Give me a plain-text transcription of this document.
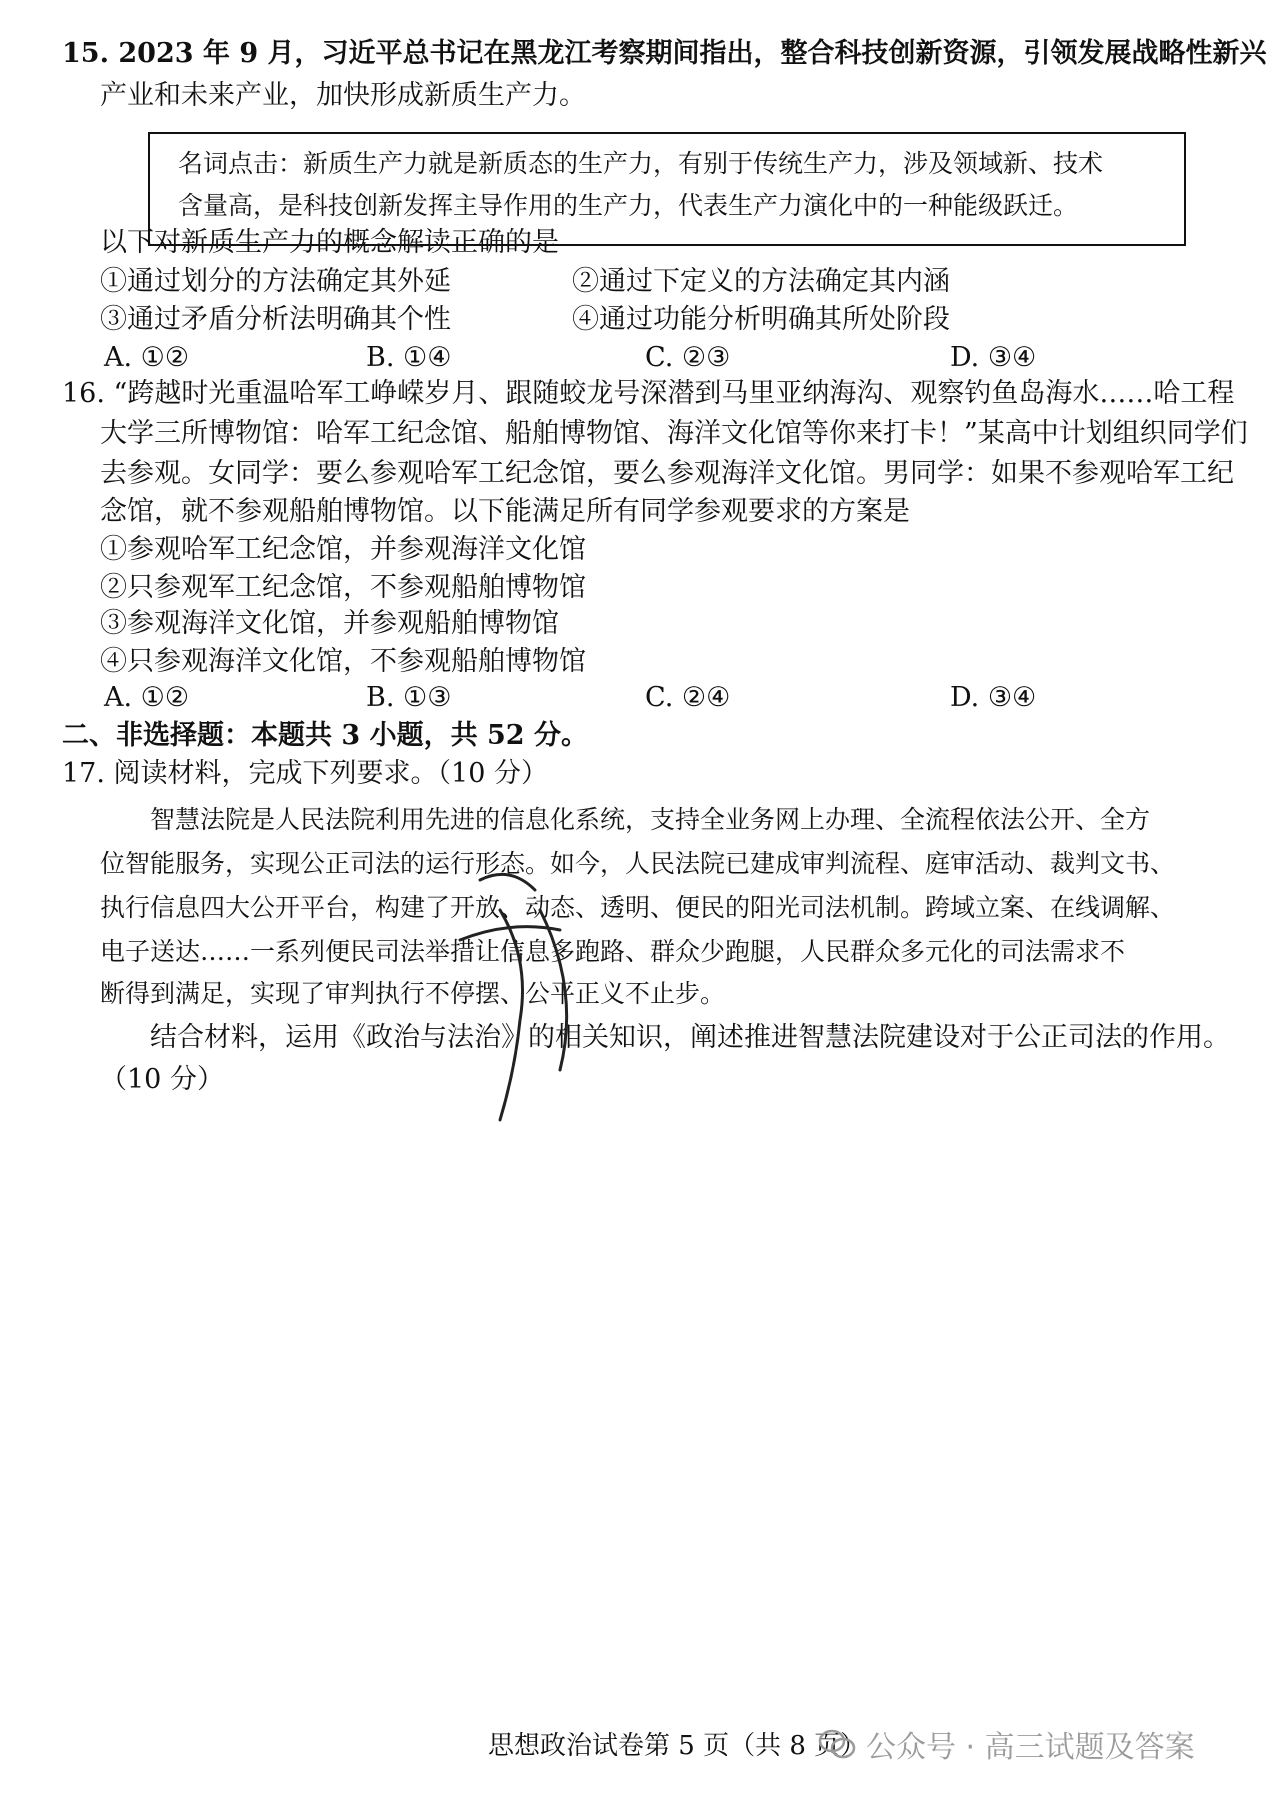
15. 2023 年 9 月，习近平总书记在黑龙江考察期间指出，整合科技创新资源，引领发展战略性新兴
产业和未来产业，加快形成新质生产力。
名词点击：新质生产力就是新质态的生产力，有别于传统生产力，涉及领域新、技术
含量高，是科技创新发挥主导作用的生产力，代表生产力演化中的一种能级跃迁。
以下对新质生产力的概念解读正确的是
①通过划分的方法确定其外延	②通过下定义的方法确定其内涵
③通过矛盾分析法明确其个性	④通过功能分析明确其所处阶段
A. ①②	B. ①④	C. ②③	D. ③④
16. “跨越时光重温哈军工峥嵘岁月、跟随蛟龙号深潜到马里亚纳海沟、观察钓鱼岛海水……哈工程
大学三所博物馆：哈军工纪念馆、船舶博物馆、海洋文化馆等你来打卡！”某高中计划组织同学们
去参观。女同学：要么参观哈军工纪念馆，要么参观海洋文化馆。男同学：如果不参观哈军工纪
念馆，就不参观船舶博物馆。以下能满足所有同学参观要求的方案是
①参观哈军工纪念馆，并参观海洋文化馆
②只参观军工纪念馆，不参观船舶博物馆
③参观海洋文化馆，并参观船舶博物馆
④只参观海洋文化馆，不参观船舶博物馆
A. ①②	B. ①③	C. ②④	D. ③④
二、非选择题：本题共 3 小题，共 52 分。
17. 阅读材料，完成下列要求。（10 分）
智慧法院是人民法院利用先进的信息化系统，支持全业务网上办理、全流程依法公开、全方
位智能服务，实现公正司法的运行形态。如今，人民法院已建成审判流程、庭审活动、裁判文书、
执行信息四大公开平台，构建了开放、动态、透明、便民的阳光司法机制。跨域立案、在线调解、
电子送达……一系列便民司法举措让信息多跑路、群众少跑腿，人民群众多元化的司法需求不
断得到满足，实现了审判执行不停摆、公平正义不止步。
结合材料，运用《政治与法治》的相关知识，阐述推进智慧法院建设对于公正司法的作用。
（10 分）
思想政治试卷第 5 页（共 8 页） 公众号 · 高三试题及答案
